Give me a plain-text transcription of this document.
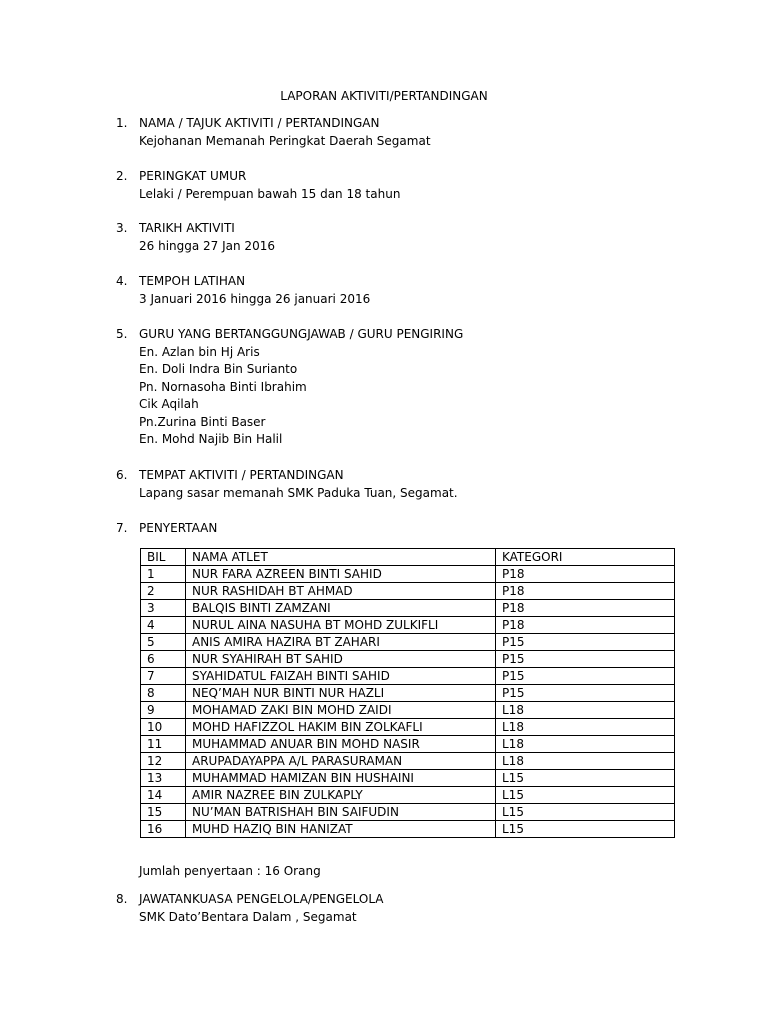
LAPORAN AKTIVITI/PERTANDINGAN
1. NAMA / TAJUK AKTIVITI / PERTANDINGAN
Kejohanan Memanah Peringkat Daerah Segamat
2. PERINGKAT UMUR
Lelaki / Perempuan bawah 15 dan 18 tahun
3. TARIKH AKTIVITI
26 hingga 27 Jan 2016
4. TEMPOH LATIHAN
3 Januari 2016 hingga 26 januari 2016
5. GURU YANG BERTANGGUNGJAWAB / GURU PENGIRING
En. Azlan bin Hj Aris
En. Doli Indra Bin Surianto
Pn. Nornasoha Binti Ibrahim
Cik Aqilah
Pn.Zurina Binti Baser
En. Mohd Najib Bin Halil
6. TEMPAT AKTIVITI / PERTANDINGAN
Lapang sasar memanah SMK Paduka Tuan, Segamat.
7. PENYERTAAN
BIL	NAMA ATLET	KATEGORI
1	NUR FARA AZREEN BINTI SAHID	P18
2	NUR RASHIDAH BT AHMAD	P18
3	BALQIS BINTI ZAMZANI	P18
4	NURUL AINA NASUHA BT MOHD ZULKIFLI	P18
5	ANIS AMIRA HAZIRA BT ZAHARI	P15
6	NUR SYAHIRAH BT SAHID	P15
7	SYAHIDATUL FAIZAH BINTI SAHID	P15
8	NEQ’MAH NUR BINTI NUR HAZLI	P15
9	MOHAMAD ZAKI BIN MOHD ZAIDI	L18
10	MOHD HAFIZZOL HAKIM BIN ZOLKAFLI	L18
11	MUHAMMAD ANUAR BIN MOHD NASIR	L18
12	ARUPADAYAPPA A/L PARASURAMAN	L18
13	MUHAMMAD HAMIZAN BIN HUSHAINI	L15
14	AMIR NAZREE BIN ZULKAPLY	L15
15	NU’MAN BATRISHAH BIN SAIFUDIN	L15
16	MUHD HAZIQ BIN HANIZAT	L15
Jumlah penyertaan : 16 Orang
8. JAWATANKUASA PENGELOLA/PENGELOLA
SMK Dato’Bentara Dalam , Segamat
